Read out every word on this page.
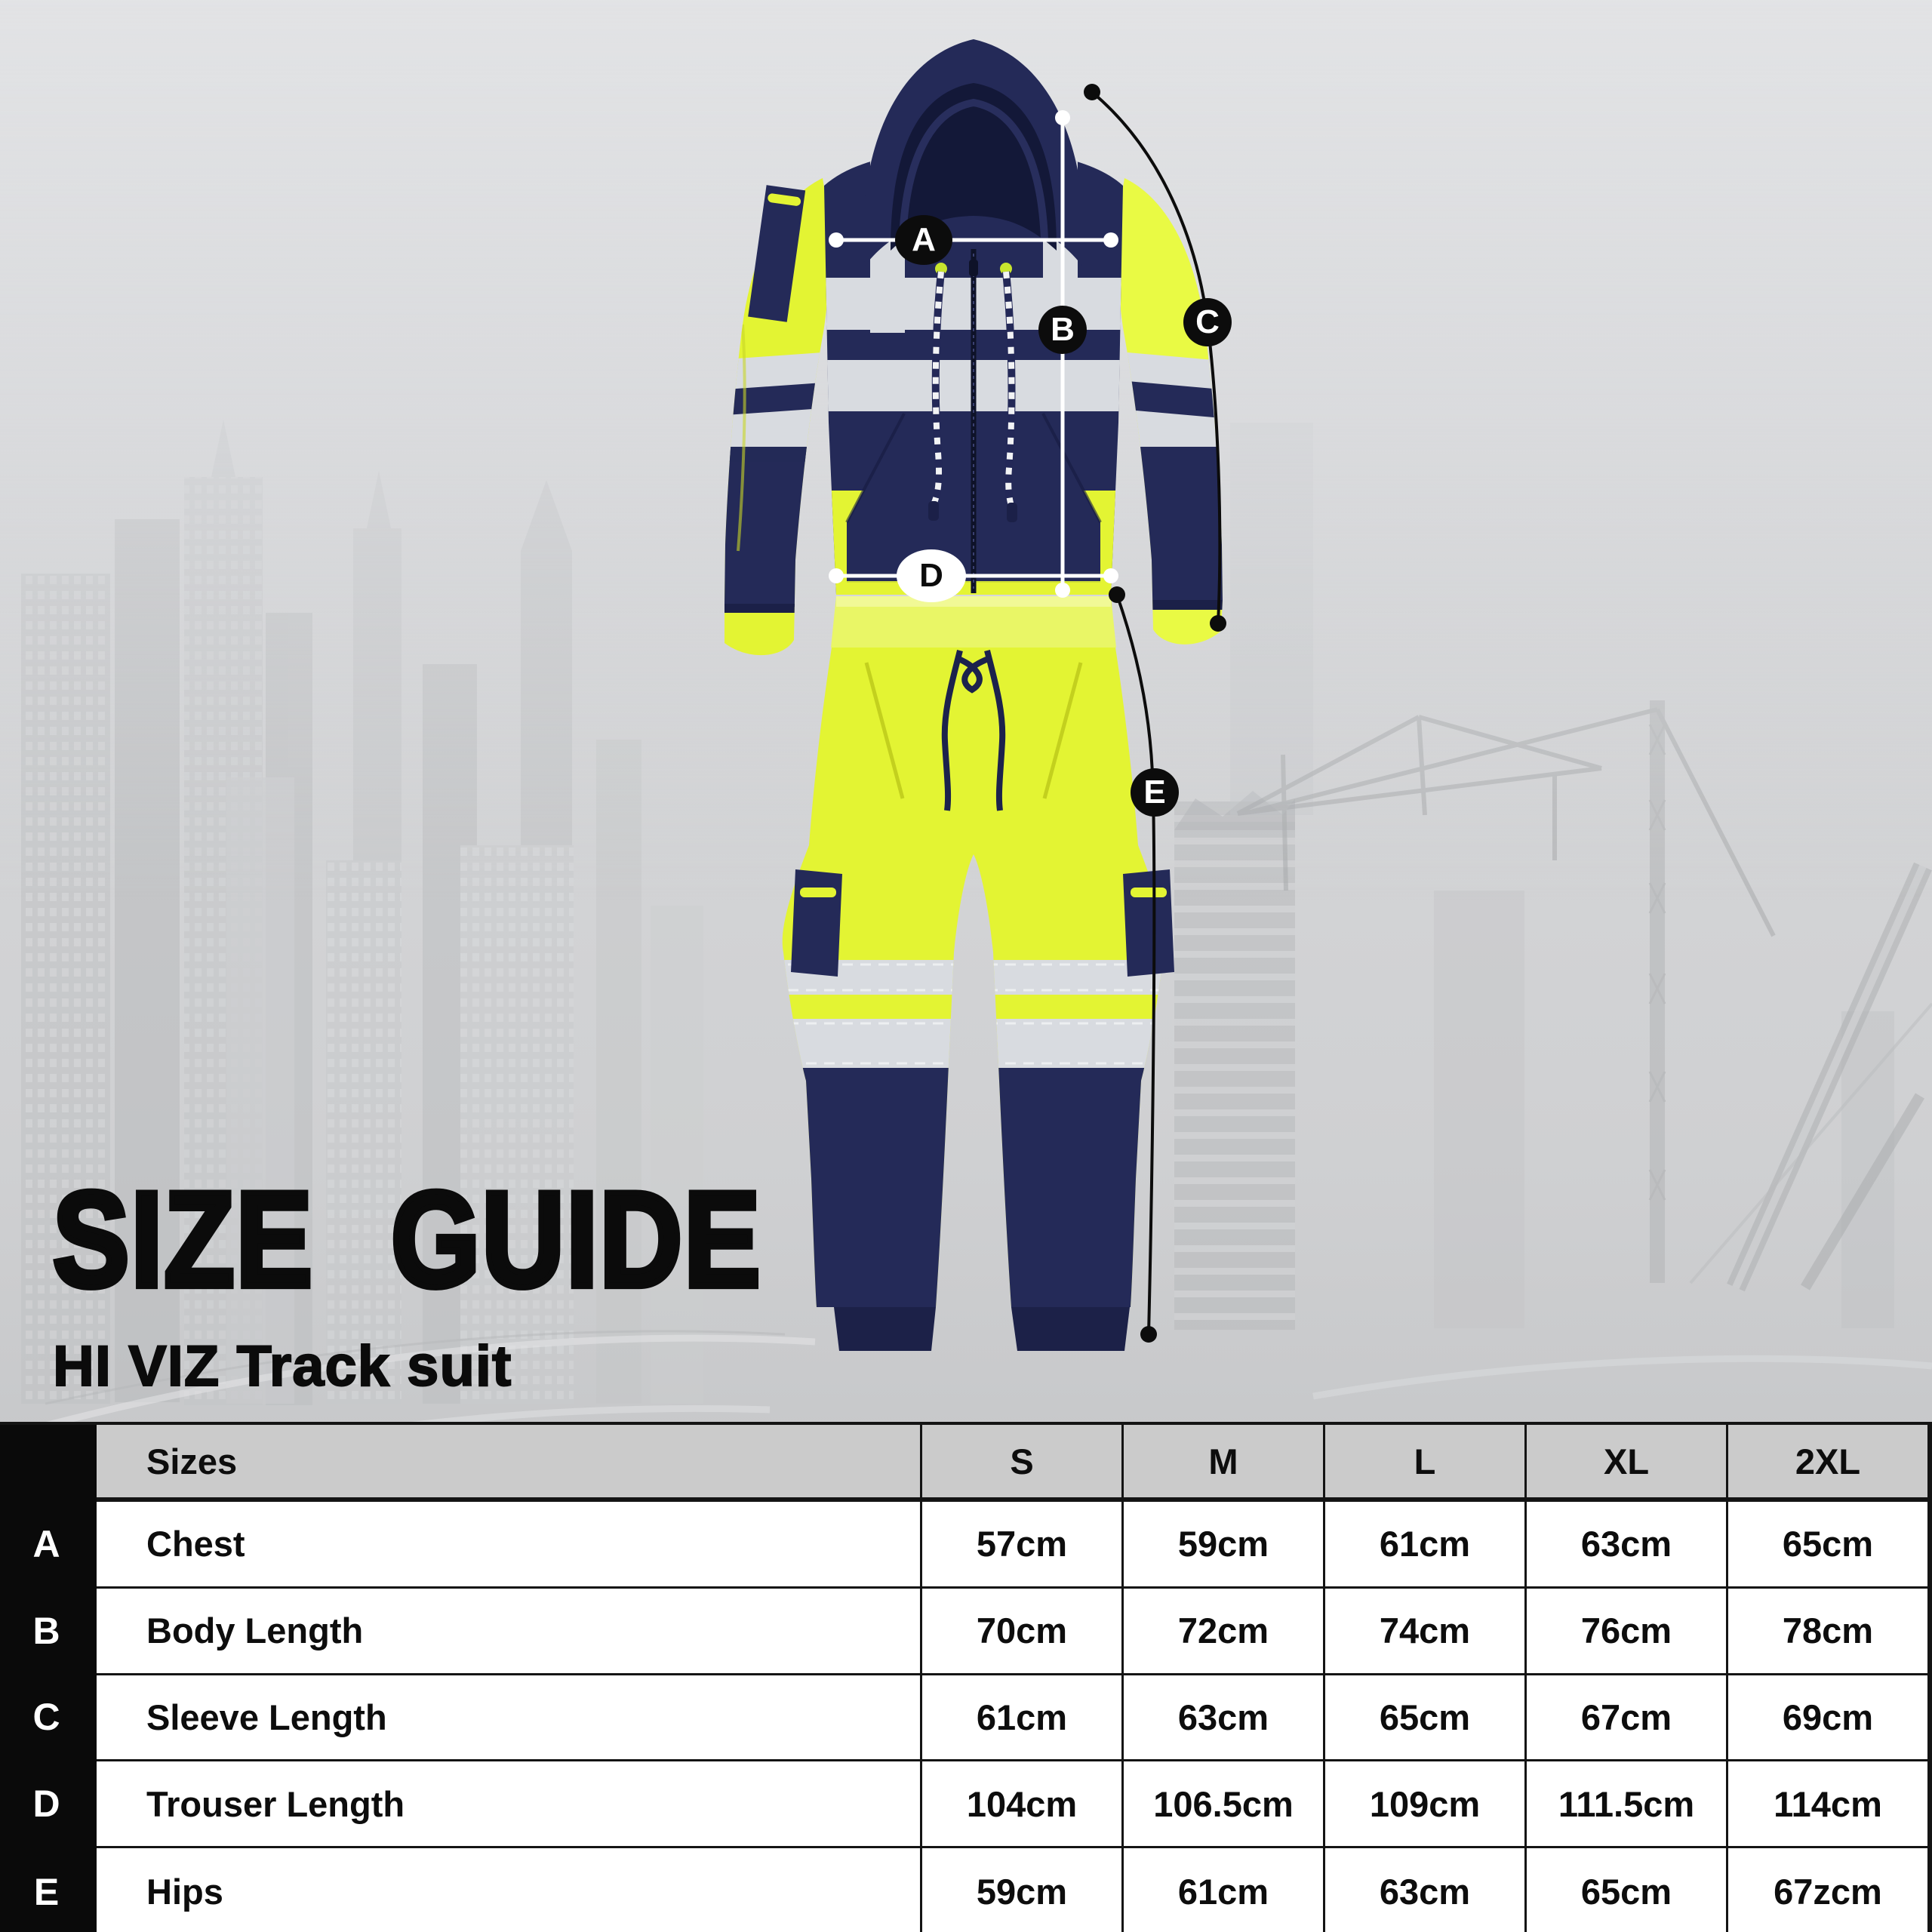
A
B	C
D
E
SIZE GUIDE
HI VIZ Track suit
Sizes	S	M	L	XL	2XL
A	Chest	57cm	59cm	61cm	63cm	65cm
B	Body Length	70cm	72cm	74cm	76cm	78cm
C	Sleeve Length	61cm	63cm	65cm	67cm	69cm
D	Trouser Length	104cm	106.5cm	109cm	111.5cm	114cm
E	Hips	59cm	61cm	63cm	65cm	67zcm
